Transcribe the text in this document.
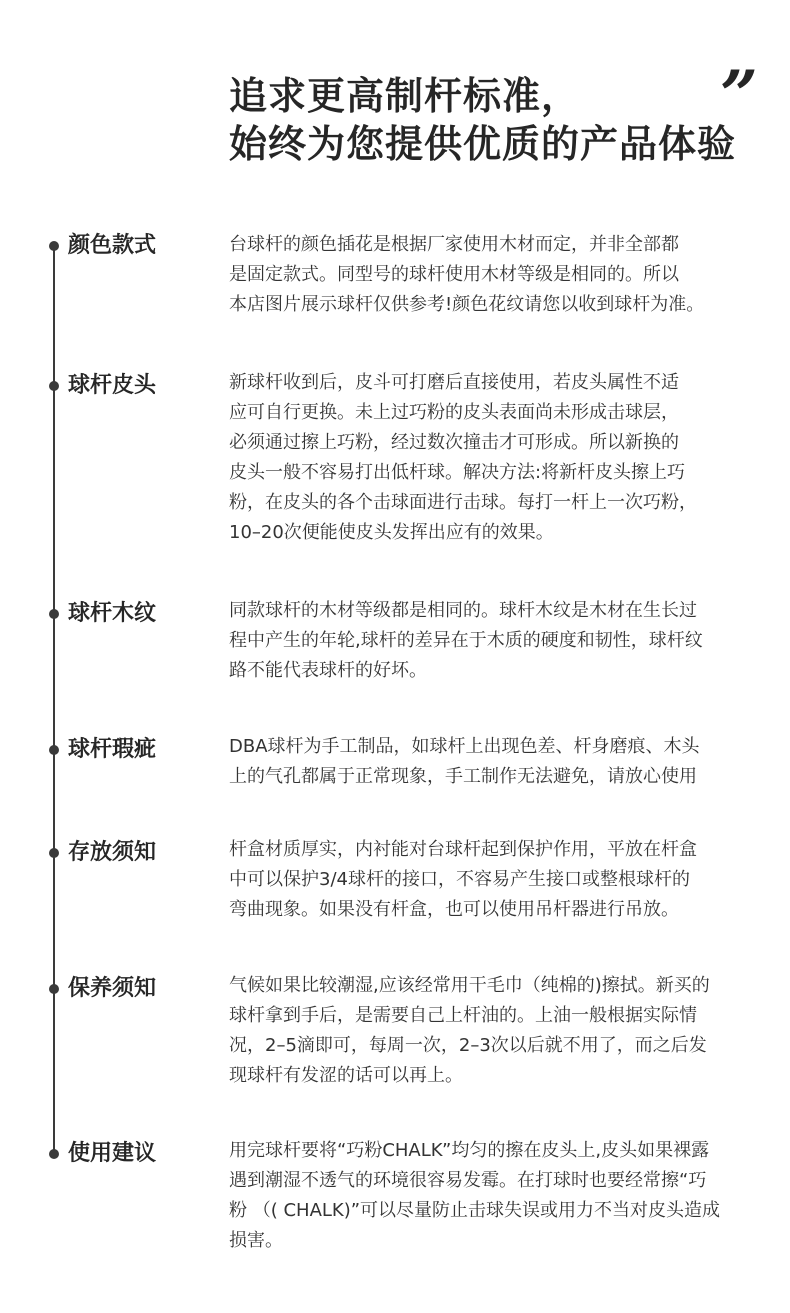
追求更高制杆标准，
始终为您提供优质的产品体验
”
颜色款式	台球杆的颜色插花是根据厂家使用木材而定，并非全部都
是固定款式。同型号的球杆使用木材等级是相同的。所以
本店图片展示球杆仅供参考!颜色花纹请您以收到球杆为准。
球杆皮头	新球杆收到后，皮斗可打磨后直接使用，若皮头属性不适
应可自行更换。未上过巧粉的皮头表面尚未形成击球层，
必须通过擦上巧粉，经过数次撞击才可形成。所以新换的
皮头一般不容易打出低杆球。解决方法:将新杆皮头擦上巧
粉，在皮头的各个击球面进行击球。每打一杆上一次巧粉，
10–20次便能使皮头发挥出应有的效果。
球杆木纹	同款球杆的木材等级都是相同的。球杆木纹是木材在生长过
程中产生的年轮,球杆的差异在于木质的硬度和韧性，球杆纹
路不能代表球杆的好坏。
球杆瑕疵	DBA球杆为手工制品，如球杆上出现色差、杆身磨痕、木头
上的气孔都属于正常现象，手工制作无法避免，请放心使用
存放须知	杆盒材质厚实，内衬能对台球杆起到保护作用，平放在杆盒
中可以保护3/4球杆的接口，不容易产生接口或整根球杆的
弯曲现象。如果没有杆盒，也可以使用吊杆器进行吊放。
保养须知	气候如果比较潮湿,应该经常用干毛巾（纯棉的)擦拭。新买的
球杆拿到手后，是需要自己上杆油的。上油一般根据实际情
况，2–5滴即可，每周一次，2–3次以后就不用了，而之后发
现球杆有发涩的话可以再上。
使用建议	用完球杆要将“巧粉CHALK”均匀的擦在皮头上,皮头如果裸露
遇到潮湿不透气的环境很容易发霉。在打球时也要经常擦“巧
粉 （( CHALK)”可以尽量防止击球失误或用力不当对皮头造成
损害。
